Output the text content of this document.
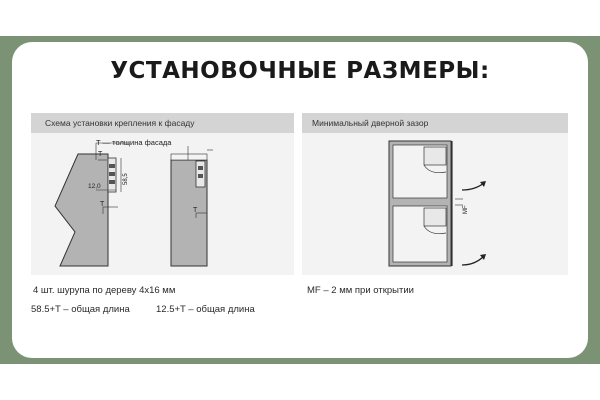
УСТАНОВОЧНЫЕ РАЗМЕРЫ:
Схема установки крепления к фасаду	Минимальный дверной зазор
T — толщина фасада
T
58,5
12,0
T
T	MF
4 шт. шурупа по дереву 4х16 мм
58.5+T – общая длина	12.5+T – общая длина
MF – 2 мм при открытии
